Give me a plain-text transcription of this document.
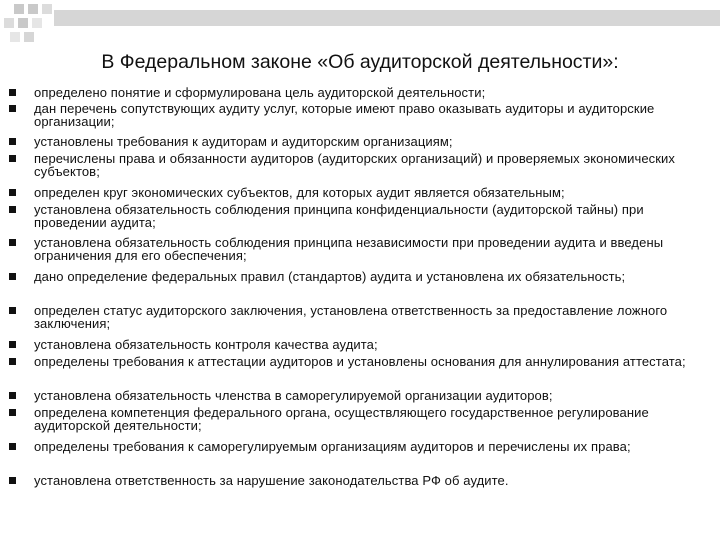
В Федеральном законе «Об аудиторской деятельности»:
определено понятие и сформулирована цель аудиторской деятельности;
дан перечень сопутствующих аудиту услуг, которые имеют право оказывать аудиторы и аудиторские организации;
установлены требования к аудиторам и аудиторским организациям;
перечислены права и обязанности аудиторов (аудиторских организаций) и проверяемых экономических субъектов;
определен круг экономических субъектов, для которых аудит является обязательным;
установлена обязательность соблюдения принципа конфиденциальности (аудиторской тайны) при проведении аудита;
установлена обязательность соблюдения принципа независимости при проведении аудита и введены ограничения для его обеспечения;
дано определение федеральных правил (стандартов) аудита и установлена их обязательность;
определен статус аудиторского заключения, установлена ответственность за предоставление ложного заключения;
установлена обязательность контроля качества аудита;
определены требования к аттестации аудиторов и установлены основания для аннулирования аттестата;
установлена обязательность членства в саморегулируемой организации аудиторов;
определена компетенция федерального органа, осуществляющего государственное регулирование аудиторской деятельности;
определены требования к саморегулируемым организациям аудиторов и перечислены их права;
установлена ответственность за нарушение законодательства РФ об аудите.
